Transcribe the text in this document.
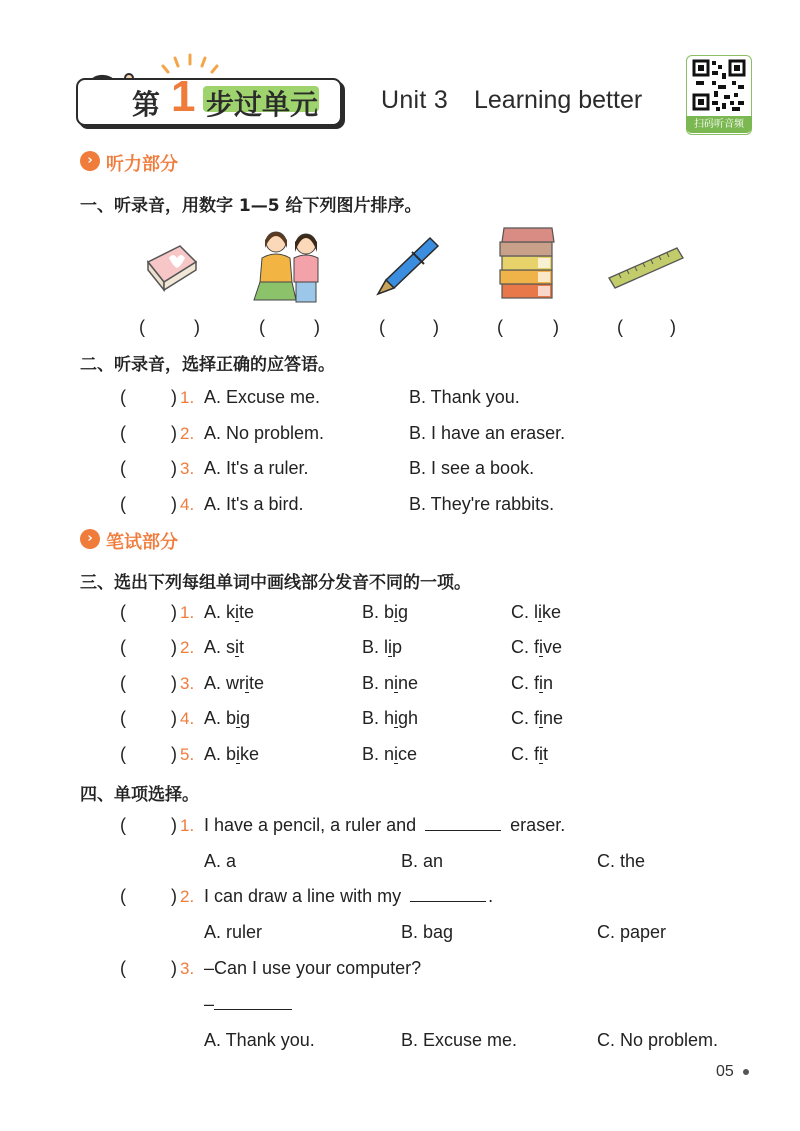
第 1 步过单元	Unit 3 Learning better
扫码听音频
› 听力部分
一、听录音，用数字 1—5 给下列图片排序。
(	)	(	)	(	)	(	)	(	)
二、听录音，选择正确的应答语。
(	) 1. A. Excuse me.	B. Thank you.
(	) 2. A. No problem.	B. I have an eraser.
(	) 3. A. It's a ruler.	B. I see a book.
(	) 4. A. It's a bird.	B. They're rabbits.
› 笔试部分
三、选出下列每组单词中画线部分发音不同的一项。
(	) 1. A. kite	B. big	C. like
(	) 2. A. sit	B. lip	C. five
(	) 3. A. write	B. nine	C. fin
(	) 4. A. big	B. high	C. fine
(	) 5. A. bike	B. nice	C. fit
四、单项选择。
(	) 1. I have a pencil, a ruler and	eraser.
A. a	B. an	C. the
(	) 2. I can draw a line with my	.
A. ruler	B. bag	C. paper
(	) 3. –Can I use your computer?
–
A. Thank you.	B. Excuse me.	C. No problem.
05
